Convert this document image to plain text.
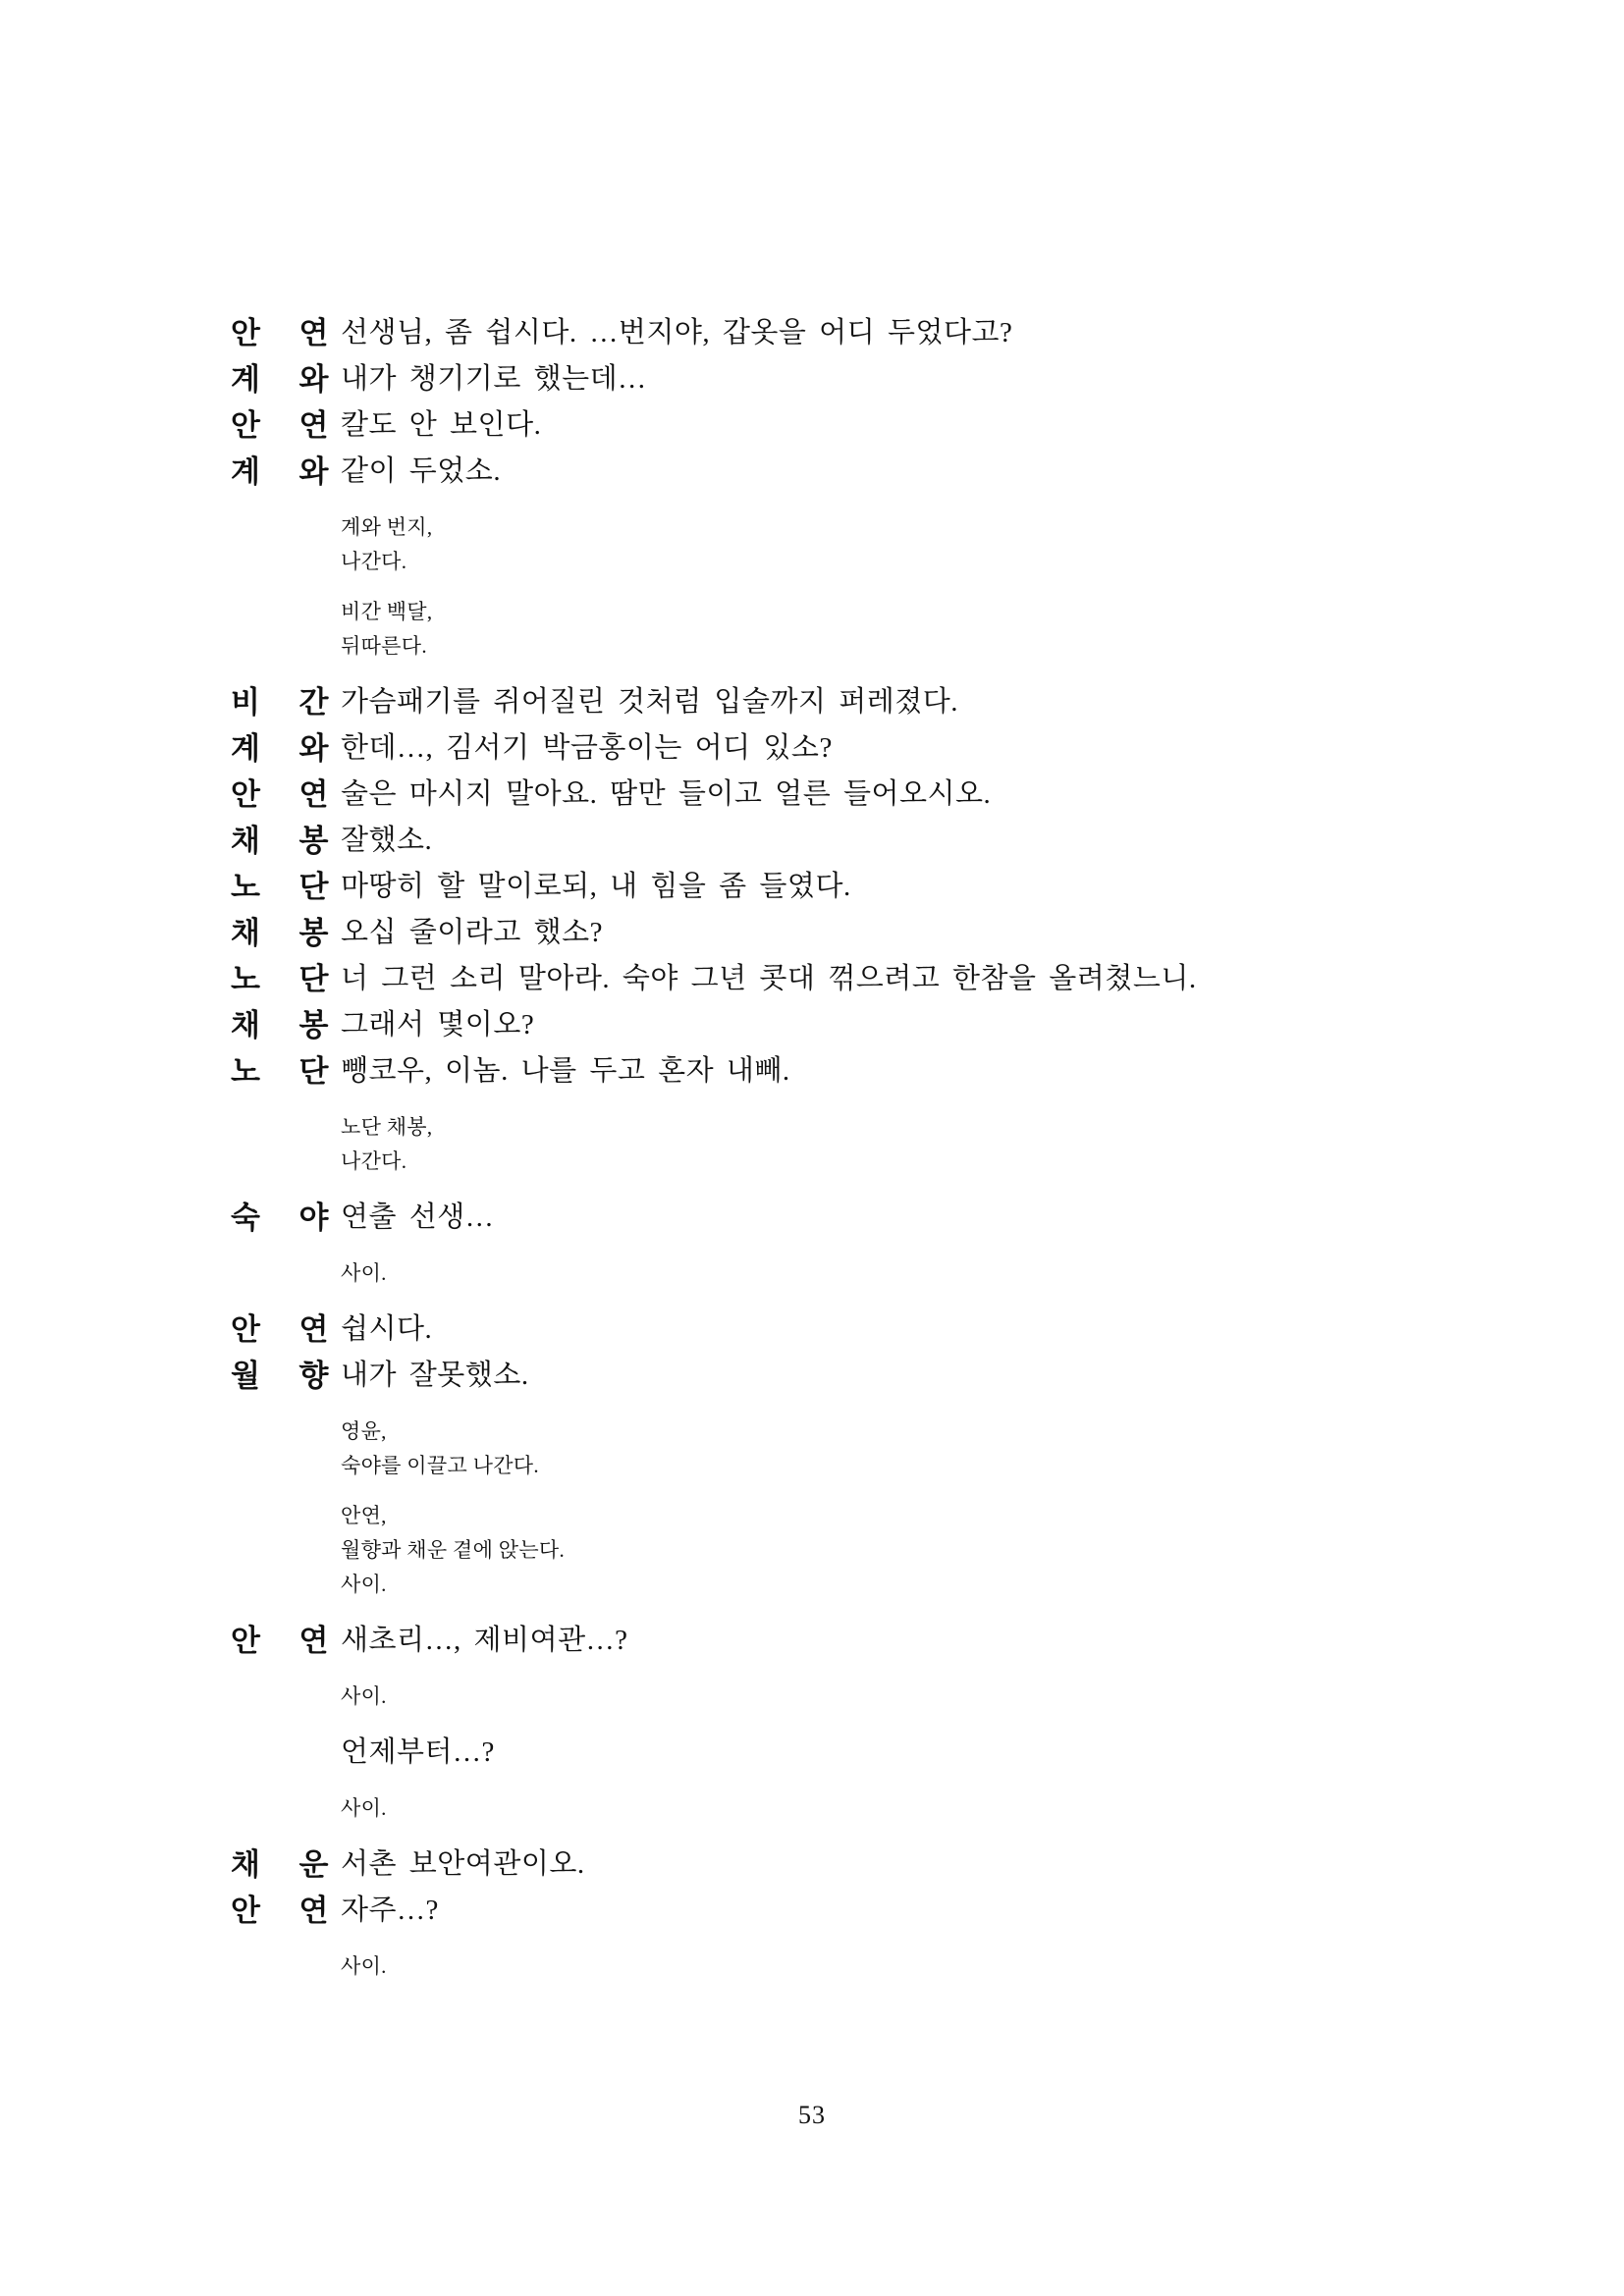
안 연 선생님, 좀 쉽시다. …번지야, 갑옷을 어디 두었다고?
계 와 내가 챙기기로 했는데…
안 연 칼도 안 보인다.
계 와 같이 두었소.
계와 번지,
나간다.
비간 백달,
뒤따른다.
비 간 가슴패기를 쥐어질린 것처럼 입술까지 퍼레졌다.
계 와 한데…, 김서기 박금홍이는 어디 있소?
안 연 술은 마시지 말아요. 땀만 들이고 얼른 들어오시오.
채 봉 잘했소.
노 단 마땅히 할 말이로되, 내 힘을 좀 들였다.
채 봉 오십 줄이라고 했소?
노 단 너 그런 소리 말아라. 숙야 그년 콧대 꺾으려고 한참을 올려쳤느니.
채 봉 그래서 몇이오?
노 단 뺑코우, 이놈. 나를 두고 혼자 내빼.
노단 채봉,
나간다.
숙 야 연출 선생…
사이.
안 연 쉽시다.
월 향 내가 잘못했소.
영윤,
숙야를 이끌고 나간다.
안연,
월향과 채운 곁에 앉는다.
사이.
안 연 새초리…, 제비여관…?
사이.
언제부터…?
사이.
채 운 서촌 보안여관이오.
안 연 자주…?
사이.
53
